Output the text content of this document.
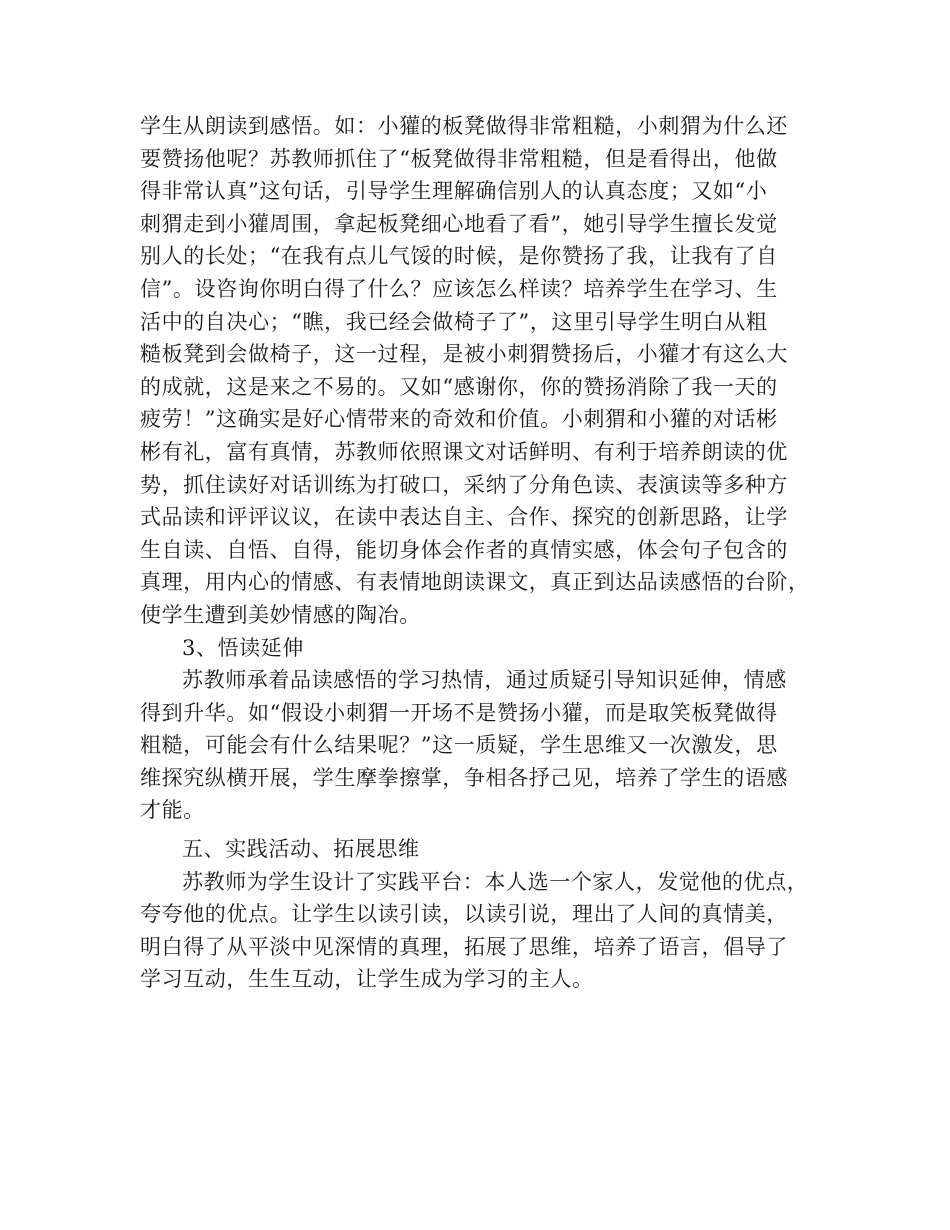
学生从朗读到感悟。如：小獾的板凳做得非常粗糙，小刺猬为什么还
要赞扬他呢？苏教师抓住了“板凳做得非常粗糙，但是看得出，他做
得非常认真”这句话，引导学生理解确信别人的认真态度；又如“小
刺猬走到小獾周围，拿起板凳细心地看了看”，她引导学生擅长发觉
别人的长处；“在我有点儿气馁的时候，是你赞扬了我，让我有了自
信”。设咨询你明白得了什么？应该怎么样读？培养学生在学习、生
活中的自决心；“瞧，我已经会做椅子了”，这里引导学生明白从粗
糙板凳到会做椅子，这一过程，是被小刺猬赞扬后，小獾才有这么大
的成就，这是来之不易的。又如“感谢你，你的赞扬消除了我一天的
疲劳！”这确实是好心情带来的奇效和价值。小刺猬和小獾的对话彬
彬有礼，富有真情，苏教师依照课文对话鲜明、有利于培养朗读的优
势，抓住读好对话训练为打破口，采纳了分角色读、表演读等多种方
式品读和评评议议，在读中表达自主、合作、探究的创新思路，让学
生自读、自悟、自得，能切身体会作者的真情实感，体会句子包含的
真理，用内心的情感、有表情地朗读课文，真正到达品读感悟的台阶，
使学生遭到美妙情感的陶冶。
3、悟读延伸
苏教师承着品读感悟的学习热情，通过质疑引导知识延伸，情感
得到升华。如“假设小刺猬一开场不是赞扬小獾，而是取笑板凳做得
粗糙，可能会有什么结果呢？”这一质疑，学生思维又一次激发，思
维探究纵横开展，学生摩拳擦掌，争相各抒己见，培养了学生的语感
才能。
五、实践活动、拓展思维
苏教师为学生设计了实践平台：本人选一个家人，发觉他的优点，
夸夸他的优点。让学生以读引读，以读引说，理出了人间的真情美，
明白得了从平淡中见深情的真理，拓展了思维，培养了语言，倡导了
学习互动，生生互动，让学生成为学习的主人。
